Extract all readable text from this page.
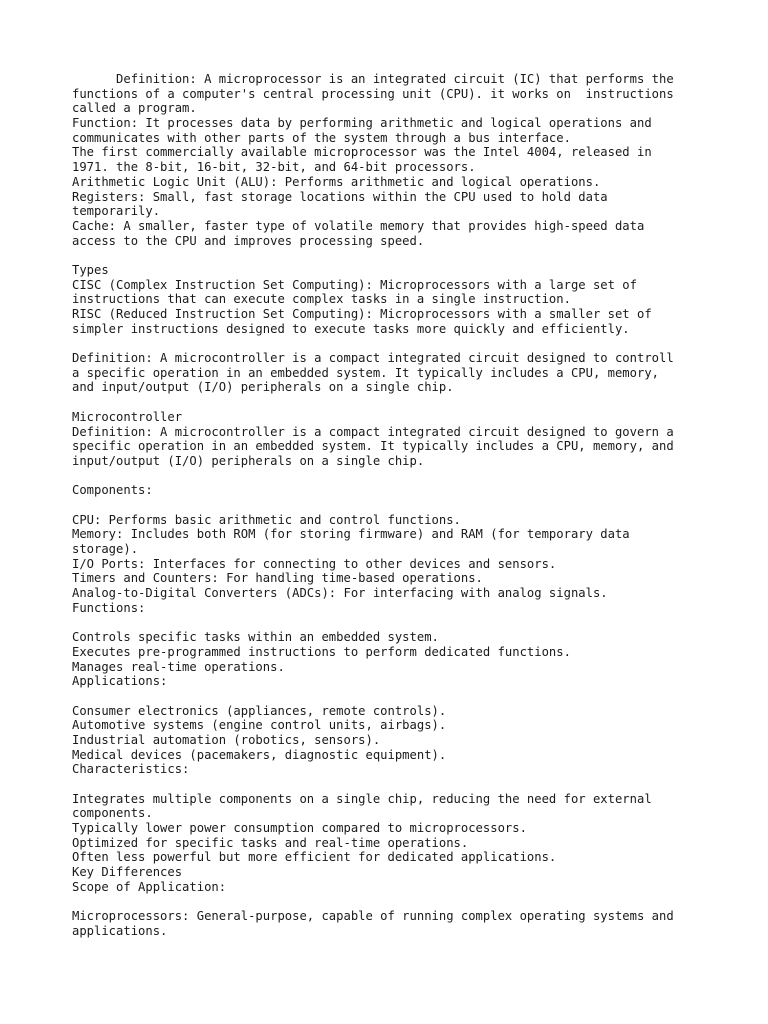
Definition: A microprocessor is an integrated circuit (IC) that performs the
functions of a computer's central processing unit (CPU). it works on  instructions
called a program.
Function: It processes data by performing arithmetic and logical operations and
communicates with other parts of the system through a bus interface.
The first commercially available microprocessor was the Intel 4004, released in
1971. the 8-bit, 16-bit, 32-bit, and 64-bit processors.
Arithmetic Logic Unit (ALU): Performs arithmetic and logical operations.
Registers: Small, fast storage locations within the CPU used to hold data
temporarily.
Cache: A smaller, faster type of volatile memory that provides high-speed data
access to the CPU and improves processing speed.
Types
CISC (Complex Instruction Set Computing): Microprocessors with a large set of
instructions that can execute complex tasks in a single instruction.
RISC (Reduced Instruction Set Computing): Microprocessors with a smaller set of
simpler instructions designed to execute tasks more quickly and efficiently.
Definition: A microcontroller is a compact integrated circuit designed to controll
a specific operation in an embedded system. It typically includes a CPU, memory,
and input/output (I/O) peripherals on a single chip.
Microcontroller
Definition: A microcontroller is a compact integrated circuit designed to govern a
specific operation in an embedded system. It typically includes a CPU, memory, and
input/output (I/O) peripherals on a single chip.
Components:
CPU: Performs basic arithmetic and control functions.
Memory: Includes both ROM (for storing firmware) and RAM (for temporary data
storage).
I/O Ports: Interfaces for connecting to other devices and sensors.
Timers and Counters: For handling time-based operations.
Analog-to-Digital Converters (ADCs): For interfacing with analog signals.
Functions:
Controls specific tasks within an embedded system.
Executes pre-programmed instructions to perform dedicated functions.
Manages real-time operations.
Applications:
Consumer electronics (appliances, remote controls).
Automotive systems (engine control units, airbags).
Industrial automation (robotics, sensors).
Medical devices (pacemakers, diagnostic equipment).
Characteristics:
Integrates multiple components on a single chip, reducing the need for external
components.
Typically lower power consumption compared to microprocessors.
Optimized for specific tasks and real-time operations.
Often less powerful but more efficient for dedicated applications.
Key Differences
Scope of Application:
Microprocessors: General-purpose, capable of running complex operating systems and
applications.
